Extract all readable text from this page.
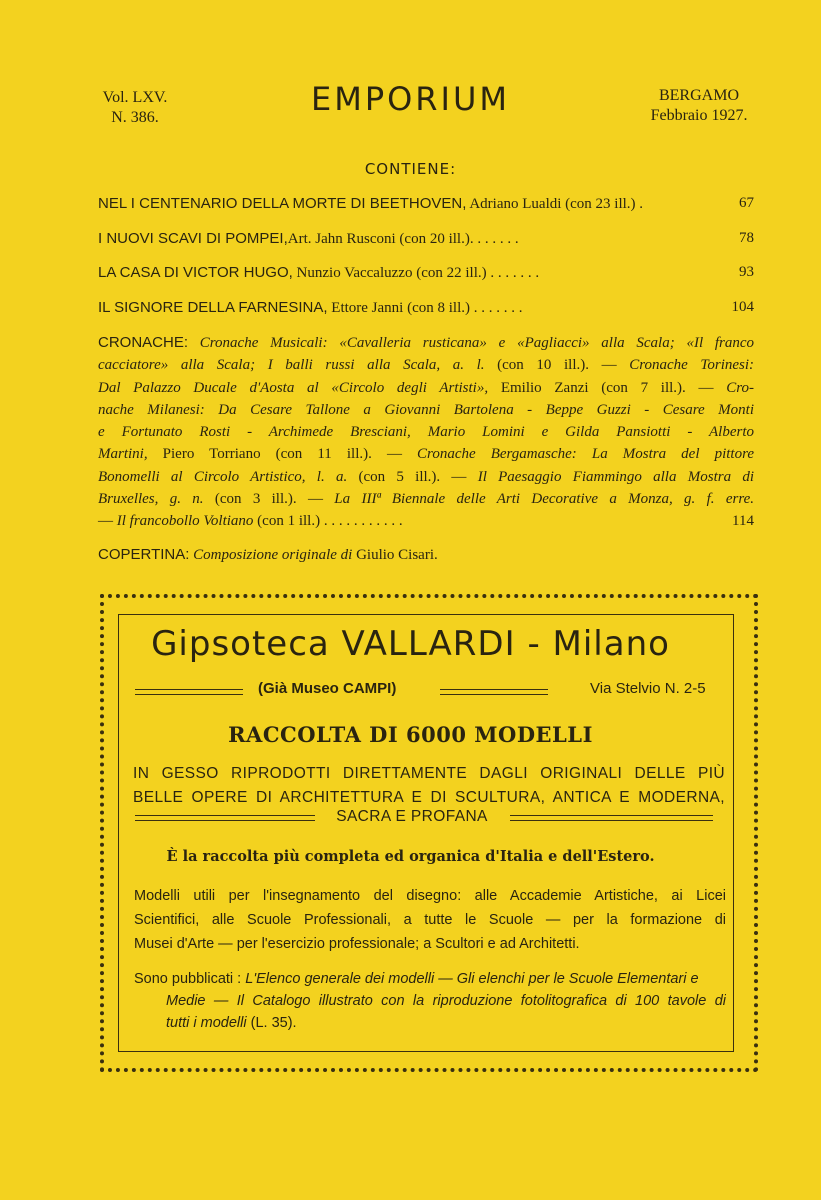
Vol. LXV.
N. 386.	EMPORIUM	BERGAMO
Febbraio 1927.
CONTIENE:
NEL I CENTENARIO DELLA MORTE DI BEETHOVEN, Adriano Lualdi (con 23 ill.) .	67
I NUOVI SCAVI DI POMPEI,Art. Jahn Rusconi (con 20 ill.). . . . . . .	78
LA CASA DI VICTOR HUGO, Nunzio Vaccaluzzo (con 22 ill.) . . . . . . .	93
IL SIGNORE DELLA FARNESINA, Ettore Janni (con 8 ill.) . . . . . . .	104
CRONACHE: Cronache Musicali: «Cavalleria rusticana» e «Pagliacci» alla Scala; «Il franco
cacciatore» alla Scala; I balli russi alla Scala, a. l. (con 10 ill.). — Cronache Torinesi:
Dal Palazzo Ducale d'Aosta al «Circolo degli Artisti», Emilio Zanzi (con 7 ill.). — Cro-
nache Milanesi: Da Cesare Tallone a Giovanni Bartolena - Beppe Guzzi - Cesare Monti
e Fortunato Rosti - Archimede Bresciani, Mario Lomini e Gilda Pansiotti - Alberto
Martini, Piero Torriano (con 11 ill.). — Cronache Bergamasche: La Mostra del pittore
Bonomelli al Circolo Artistico, l. a. (con 5 ill.). — Il Paesaggio Fiammingo alla Mostra di
Bruxelles, g. n. (con 3 ill.). — La IIIª Biennale delle Arti Decorative a Monza, g. f. erre.
— Il francobollo Voltiano (con 1 ill.) . . . . . . . . . . .	114
COPERTINA: Composizione originale di Giulio Cisari.
Gipsoteca VALLARDI - Milano
(Già Museo CAMPI)	Via Stelvio N. 2-5
RACCOLTA DI 6000 MODELLI
IN GESSO RIPRODOTTI DIRETTAMENTE DAGLI ORIGINALI DELLE PIÙ
BELLE OPERE DI ARCHITETTURA E DI SCULTURA, ANTICA E MODERNA,
SACRA E PROFANA
È la raccolta più completa ed organica d'Italia e dell'Estero.
Modelli utili per l'insegnamento del disegno: alle Accademie Artistiche, ai Licei
Scientifici, alle Scuole Professionali, a tutte le Scuole — per la formazione di
Musei d'Arte — per l'esercizio professionale; a Scultori e ad Architetti.
Sono pubblicati : L'Elenco generale dei modelli — Gli elenchi per le Scuole Elementari e
Medie — Il Catalogo illustrato con la riproduzione fotolitografica di 100 tavole di
tutti i modelli (L. 35).
